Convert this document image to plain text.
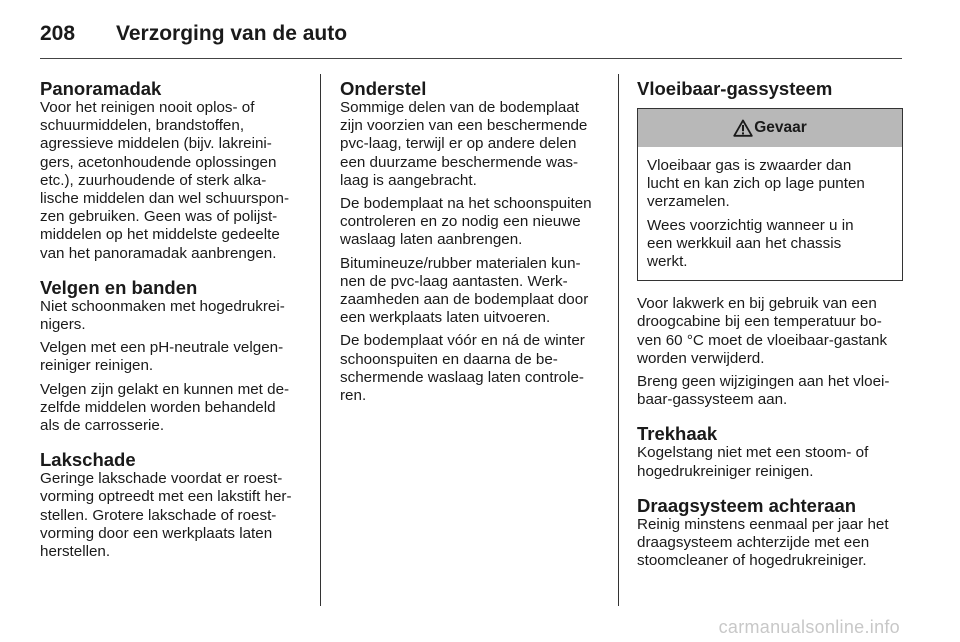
208	Verzorging van de auto
Panoramadak

Voor het reinigen nooit oplos- of
schuurmiddelen, brandstoffen,
agressieve middelen (bijv. lakreini-
gers, acetonhoudende oplossingen
etc.), zuurhoudende of sterk alka-
lische middelen dan wel schuurspon-
zen gebruiken. Geen was of polijst-
middelen op het middelste gedeelte
van het panoramadak aanbrengen.

Velgen en banden

Niet schoonmaken met hogedrukrei-
nigers.

Velgen met een pH-neutrale velgen-
reiniger reinigen.

Velgen zijn gelakt en kunnen met de-
zelfde middelen worden behandeld
als de carrosserie.

Lakschade

Geringe lakschade voordat er roest-
vorming optreedt met een lakstift her-
stellen. Grotere lakschade of roest-
vorming door een werkplaats laten
herstellen.

Onderstel

Sommige delen van de bodemplaat
zijn voorzien van een beschermende
pvc-laag, terwijl er op andere delen
een duurzame beschermende was-
laag is aangebracht.

De bodemplaat na het schoonspuiten
controleren en zo nodig een nieuwe
waslaag laten aanbrengen.

Bitumineuze/rubber materialen kun-
nen de pvc-laag aantasten. Werk-
zaamheden aan de bodemplaat door
een werkplaats laten uitvoeren.

De bodemplaat vóór en ná de winter
schoonspuiten en daarna de be-
schermende waslaag laten controle-
ren.

Vloeibaar-gassysteem
Gevaar

Vloeibaar gas is zwaarder dan
lucht en kan zich op lage punten
verzamelen.

Wees voorzichtig wanneer u in
een werkkuil aan het chassis
werkt.

Voor lakwerk en bij gebruik van een
droogcabine bij een temperatuur bo-
ven 60 °C moet de vloeibaar-gastank
worden verwijderd.

Breng geen wijzigingen aan het vloei-
baar-gassysteem aan.

Trekhaak

Kogelstang niet met een stoom- of
hogedrukreiniger reinigen.

Draagsysteem achteraan

Reinig minstens eenmaal per jaar het
draagsysteem achterzijde met een
stoomcleaner of hogedrukreiniger.

carmanualsonline.info
